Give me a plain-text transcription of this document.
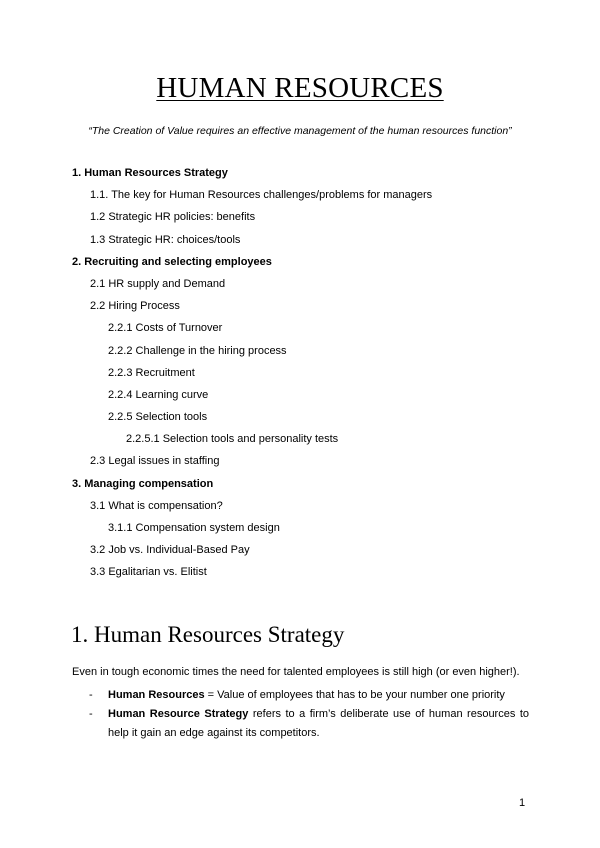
HUMAN RESOURCES
“The Creation of Value requires an effective management of the human resources function”
1. Human Resources Strategy
1.1. The key for Human Resources challenges/problems for managers
1.2 Strategic HR policies: benefits
1.3 Strategic HR: choices/tools
2. Recruiting and selecting employees
2.1 HR supply and Demand
2.2 Hiring Process
2.2.1 Costs of Turnover
2.2.2 Challenge in the hiring process
2.2.3 Recruitment
2.2.4 Learning curve
2.2.5 Selection tools
2.2.5.1 Selection tools and personality tests
2.3 Legal issues in staffing
3. Managing compensation
3.1 What is compensation?
3.1.1 Compensation system design
3.2 Job vs. Individual-Based Pay
3.3 Egalitarian vs. Elitist
1. Human Resources Strategy
Even in tough economic times the need for talented employees is still high (or even higher!).
- Human Resources = Value of employees that has to be your number one priority
- Human Resource Strategy refers to a firm’s deliberate use of human resources to help it gain an edge against its competitors.
1
